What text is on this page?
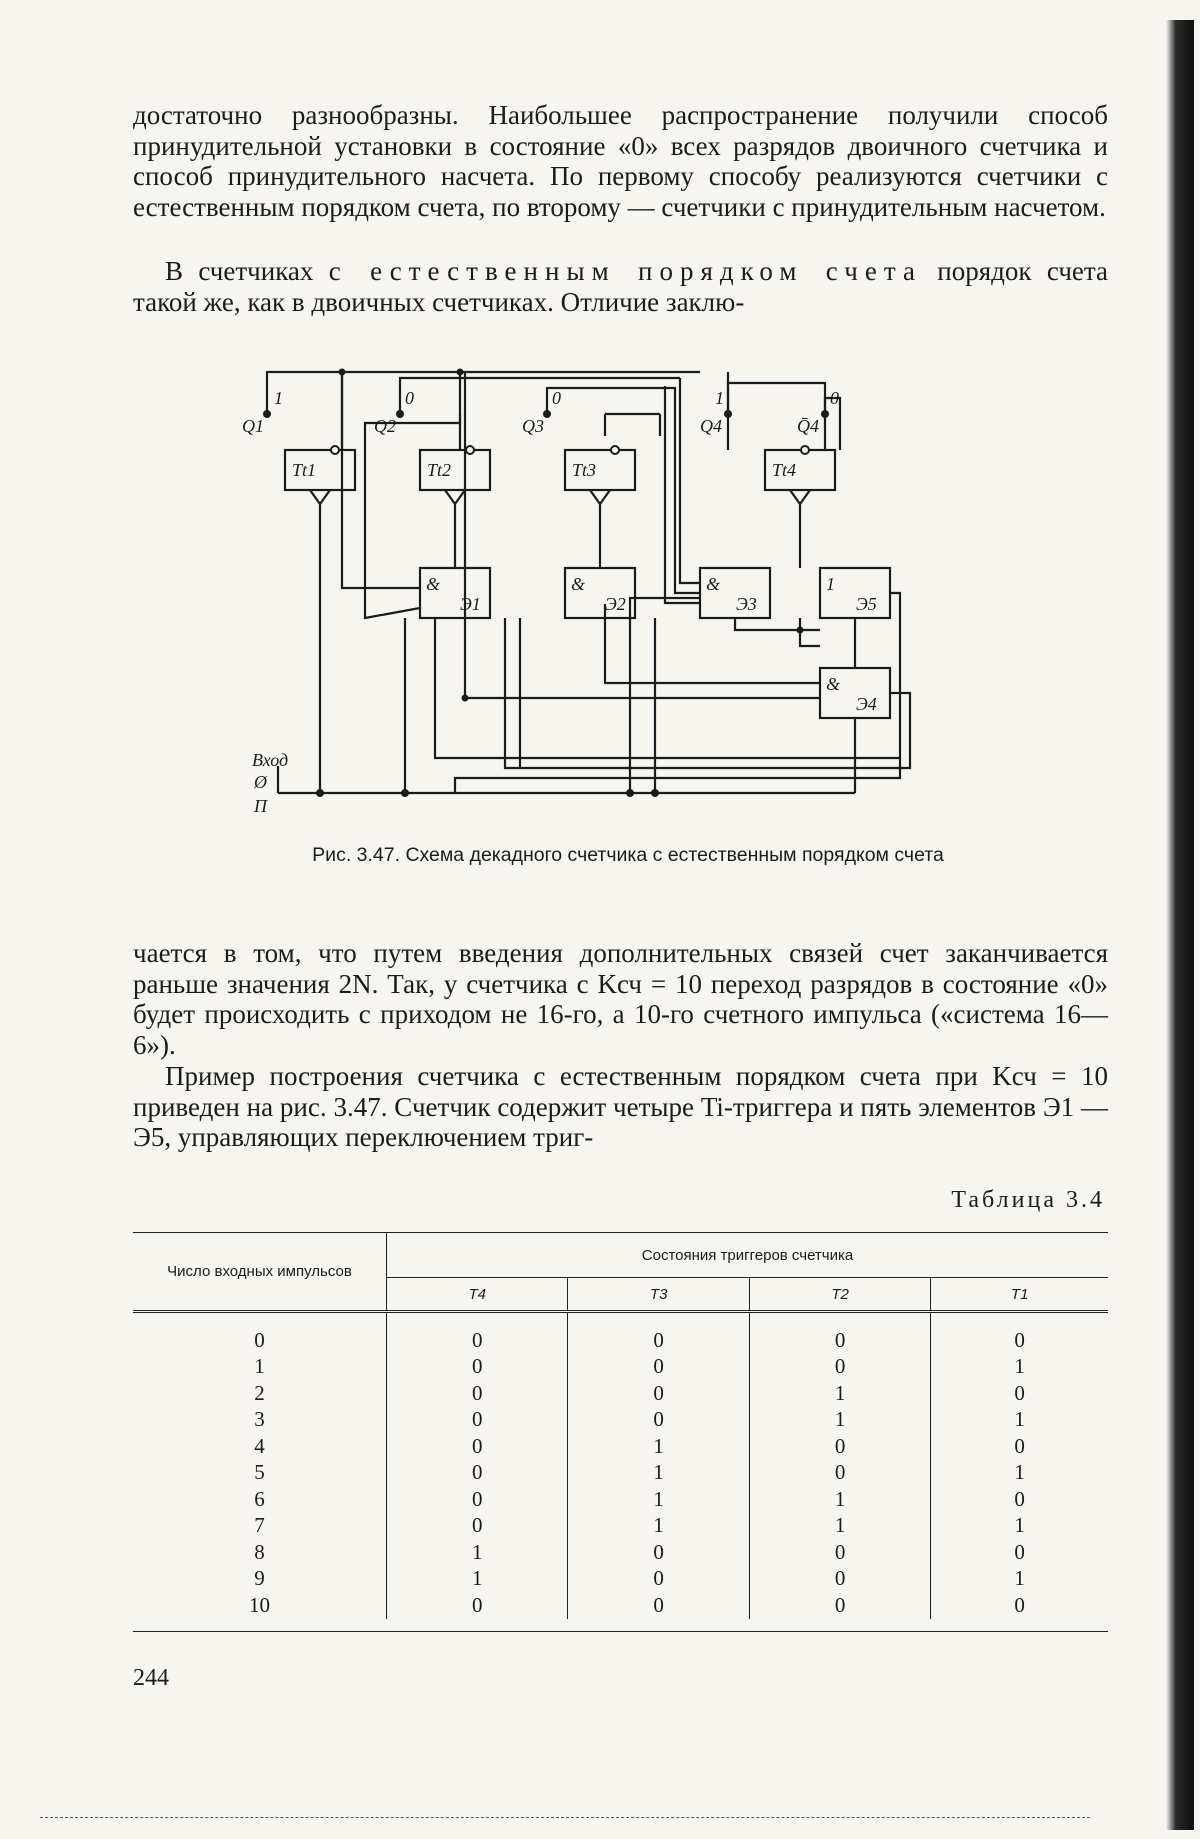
достаточно разнообразны. Наибольшее распространение получили способ принудительной установки в состояние «0» всех разрядов двоичного счетчика и способ принудительного насчета. По первому способу реализуются счетчики с естественным порядком счета, по второму — счетчики с принудительным насчетом.

В счетчиках с естественным порядком счета порядок счета такой же, как в двоичных счетчиках. Отличие заклю-

Q1	Q2	Q3	Q4	Q̄4
1	0	0	1	0
Tt1	Tt2	Tt3	Tt4
&	&	&	1
&
Э1	Э2	Э3	Э5
Э4
Вход
Ø
П
Рис. 3.47. Схема декадного счетчика с естественным порядком счета

чается в том, что путем введения дополнительных связей счет заканчивается раньше значения 2N. Так, у счетчика с Kсч = 10 переход разрядов в состояние «0» будет происходить с приходом не 16-го, а 10-го счетного импульса («система 16—6»).

Пример построения счетчика с естественным порядком счета при Kсч = 10 приведен на рис. 3.47. Счетчик содержит четыре Ti-триггера и пять элементов Э1 — Э5, управляющих переключением триг-

Таблица 3.4
Число входных импульсов	Состояния триггеров счетчика			
	T4	T3	T2	T1
0	0	0	0	0
1	0	0	0	1
2	0	0	1	0
3	0	0	1	1
4	0	1	0	0
5	0	1	0	1
6	0	1	1	0
7	0	1	1	1
8	1	0	0	0
9	1	0	0	1
10	0	0	0	0

244
